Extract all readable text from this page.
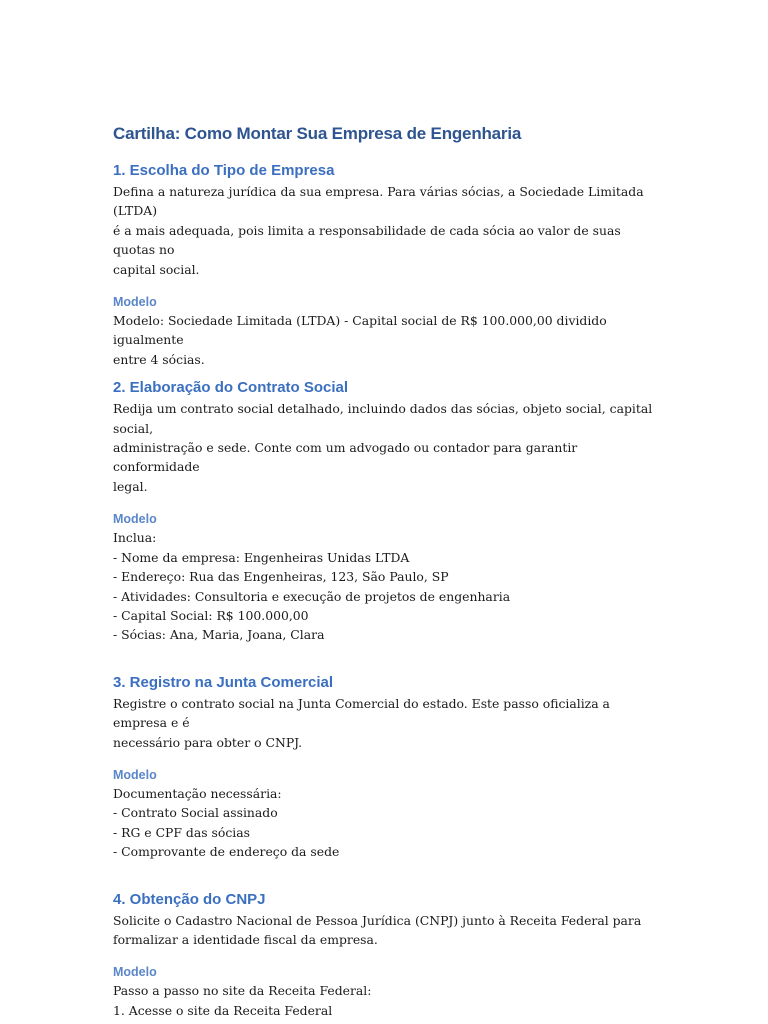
Cartilha: Como Montar Sua Empresa de Engenharia
1. Escolha do Tipo de Empresa

Defina a natureza jurídica da sua empresa. Para várias sócias, a Sociedade Limitada (LTDA)
é a mais adequada, pois limita a responsabilidade de cada sócia ao valor de suas quotas no
capital social.

Modelo

Modelo: Sociedade Limitada (LTDA) - Capital social de R$ 100.000,00 dividido igualmente
entre 4 sócias.

2. Elaboração do Contrato Social

Redija um contrato social detalhado, incluindo dados das sócias, objeto social, capital social,
administração e sede. Conte com um advogado ou contador para garantir conformidade
legal.

Modelo

Inclua:
- Nome da empresa: Engenheiras Unidas LTDA
- Endereço: Rua das Engenheiras, 123, São Paulo, SP
- Atividades: Consultoria e execução de projetos de engenharia
- Capital Social: R$ 100.000,00
- Sócias: Ana, Maria, Joana, Clara

3. Registro na Junta Comercial

Registre o contrato social na Junta Comercial do estado. Este passo oficializa a empresa e é
necessário para obter o CNPJ.

Modelo

Documentação necessária:
- Contrato Social assinado
- RG e CPF das sócias
- Comprovante de endereço da sede

4. Obtenção do CNPJ

Solicite o Cadastro Nacional de Pessoa Jurídica (CNPJ) junto à Receita Federal para
formalizar a identidade fiscal da empresa.

Modelo

Passo a passo no site da Receita Federal:
1. Acesse o site da Receita Federal
